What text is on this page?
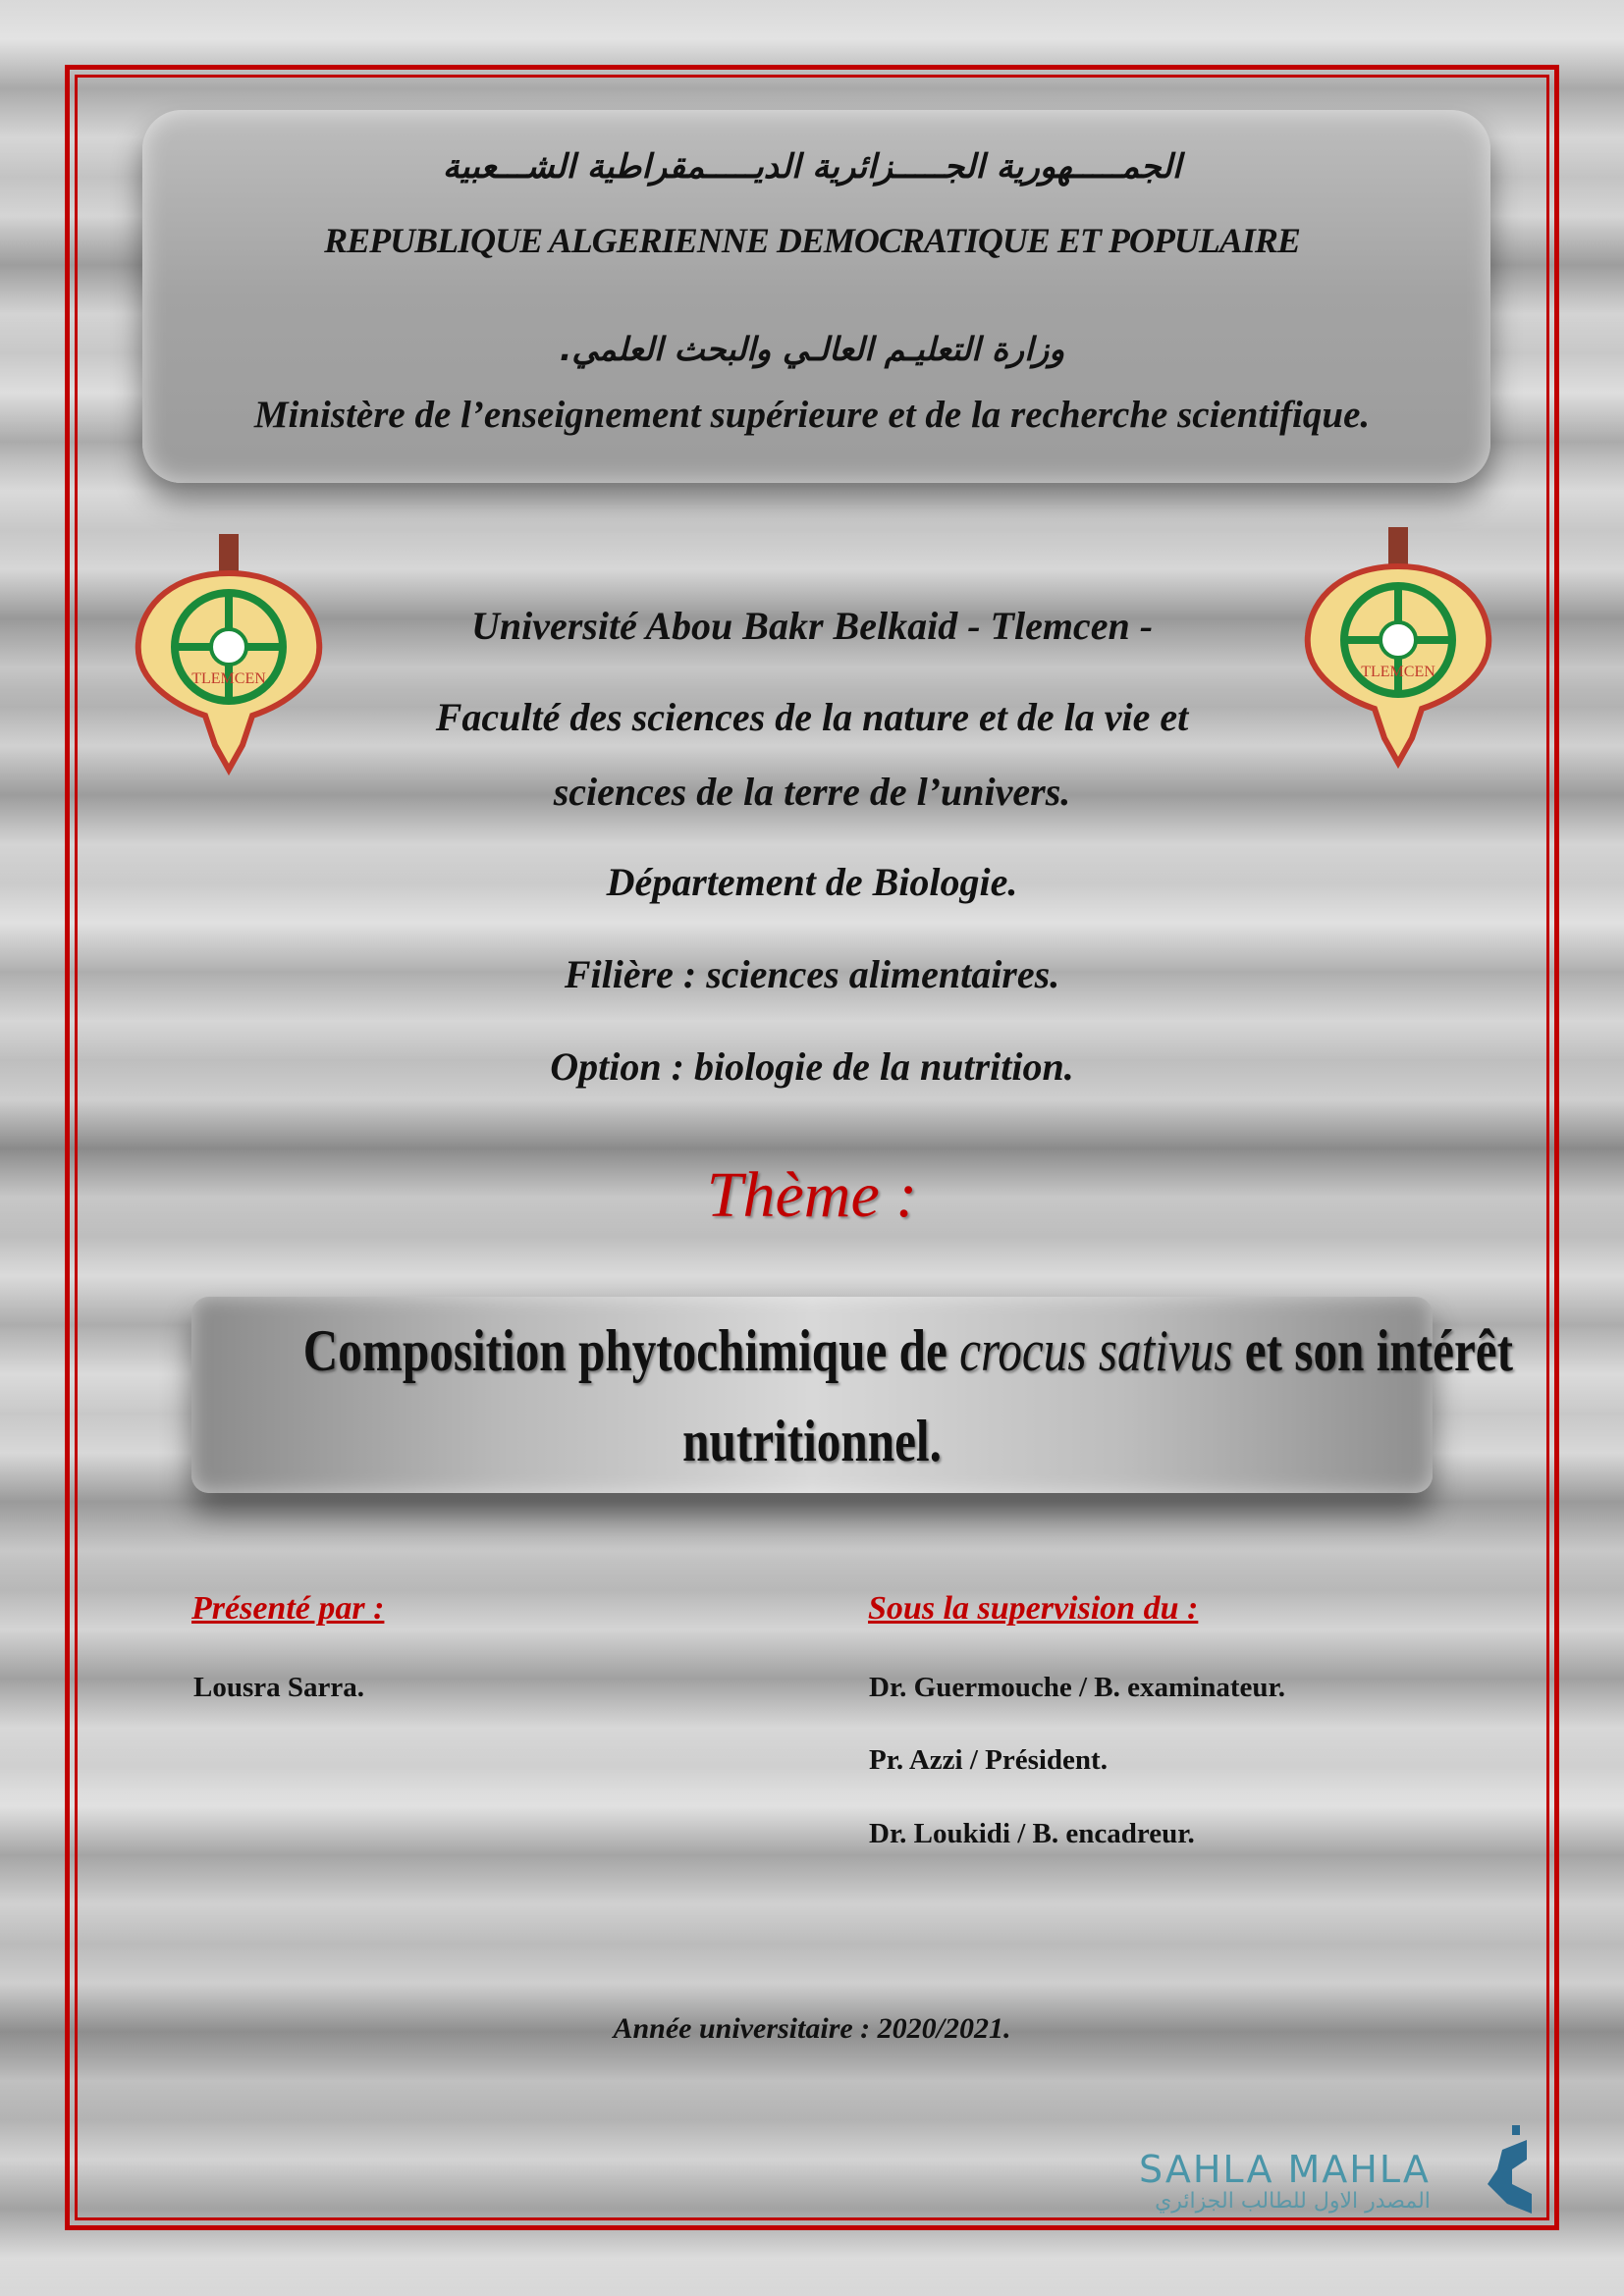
الجمـــــهورية الجـــــزائرية الديـــــمقراطية الشـــعبية
REPUBLIQUE ALGERIENNE DEMOCRATIQUE ET POPULAIRE
وزارة التعليـم العالـي والبحث العلمي.
Ministère de l’enseignement supérieure et de la recherche scientifique.
TLEMCEN	TLEMCEN
Université Abou Bakr Belkaid - Tlemcen -
Faculté des sciences de la nature et de la vie et
sciences de la terre de l’univers.
Département de Biologie.
Filière : sciences alimentaires.
Option : biologie de la nutrition.
Thème :
Composition phytochimique de crocus sativus et son intérêt
nutritionnel.
Présenté par :
Lousra Sarra.
Sous la supervision du :
Dr. Guermouche / B. examinateur.
Pr. Azzi / Président.
Dr. Loukidi / B. encadreur.
Année universitaire : 2020/2021.
SAHLA MAHLA
المصدر الاول للطالب الجزائري
